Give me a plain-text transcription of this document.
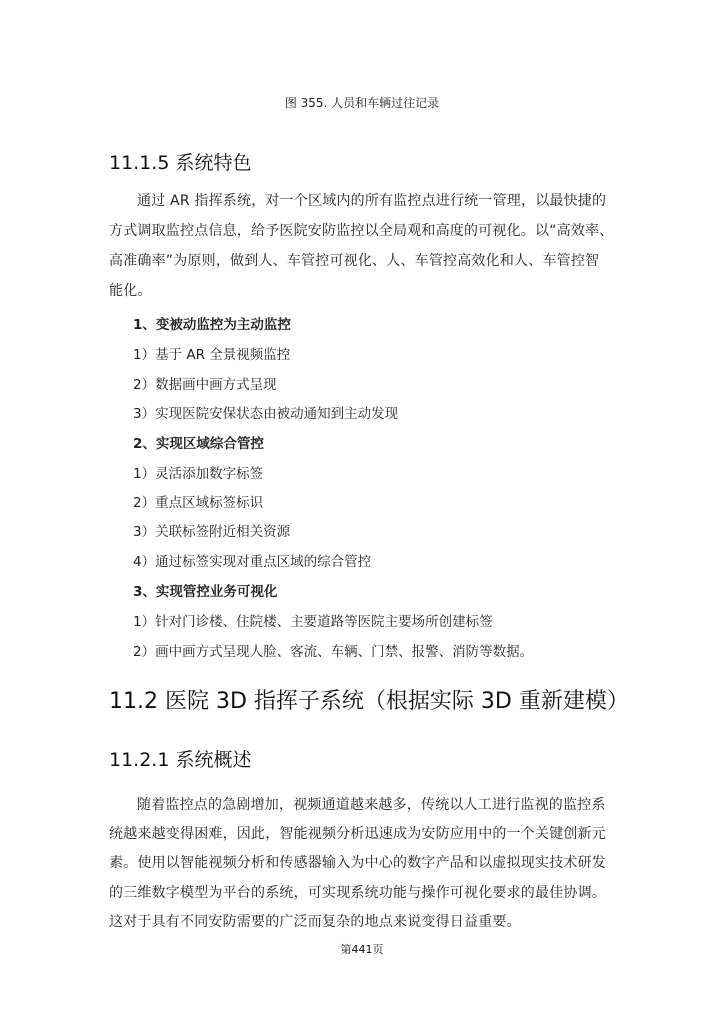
图 355. 人员和车辆过往记录
11.1.5 系统特色
通过 AR 指挥系统，对一个区域内的所有监控点进行统一管理，以最快捷的
方式调取监控点信息，给予医院安防监控以全局观和高度的可视化。以“高效率、
高准确率”为原则，做到人、车管控可视化、人、车管控高效化和人、车管控智
能化。
1、变被动监控为主动监控
1）基于 AR 全景视频监控
2）数据画中画方式呈现
3）实现医院安保状态由被动通知到主动发现
2、实现区域综合管控
1）灵活添加数字标签
2）重点区域标签标识
3）关联标签附近相关资源
4）通过标签实现对重点区域的综合管控
3、实现管控业务可视化
1）针对门诊楼、住院楼、主要道路等医院主要场所创建标签
2）画中画方式呈现人脸、客流、车辆、门禁、报警、消防等数据。
11.2 医院 3D 指挥子系统（根据实际 3D 重新建模）
11.2.1 系统概述
随着监控点的急剧增加，视频通道越来越多，传统以人工进行监视的监控系
统越来越变得困难，因此，智能视频分析迅速成为安防应用中的一个关键创新元
素。使用以智能视频分析和传感器输入为中心的数字产品和以虚拟现实技术研发
的三维数字模型为平台的系统，可实现系统功能与操作可视化要求的最佳协调。
这对于具有不同安防需要的广泛而复杂的地点来说变得日益重要。
第441页
